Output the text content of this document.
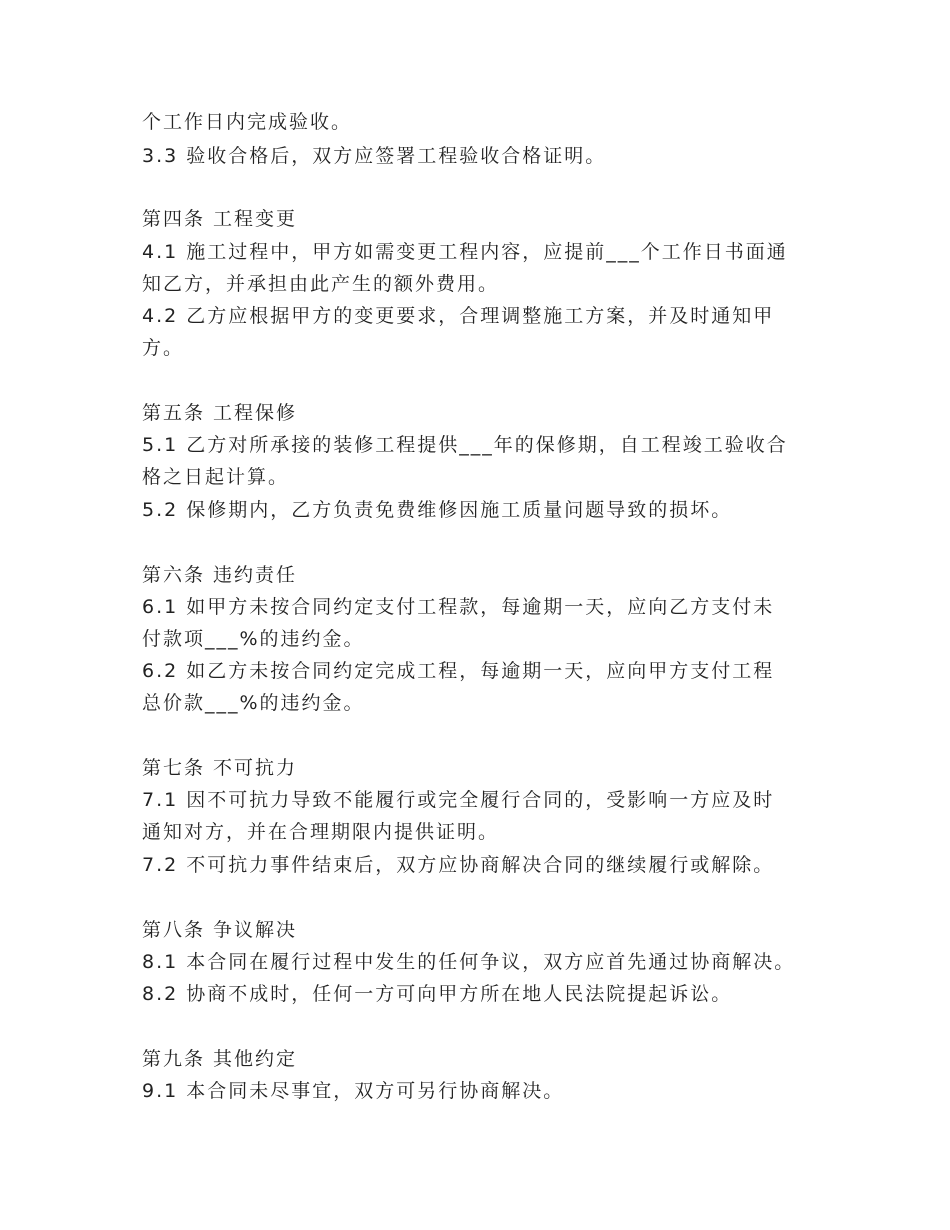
个工作日内完成验收。
3.3 验收合格后，双方应签署工程验收合格证明。
第四条 工程变更
4.1 施工过程中，甲方如需变更工程内容，应提前___个工作日书面通
知乙方，并承担由此产生的额外费用。
4.2 乙方应根据甲方的变更要求，合理调整施工方案，并及时通知甲
方。
第五条 工程保修
5.1 乙方对所承接的装修工程提供___年的保修期，自工程竣工验收合
格之日起计算。
5.2 保修期内，乙方负责免费维修因施工质量问题导致的损坏。
第六条 违约责任
6.1 如甲方未按合同约定支付工程款，每逾期一天，应向乙方支付未
付款项___%的违约金。
6.2 如乙方未按合同约定完成工程，每逾期一天，应向甲方支付工程
总价款___%的违约金。
第七条 不可抗力
7.1 因不可抗力导致不能履行或完全履行合同的，受影响一方应及时
通知对方，并在合理期限内提供证明。
7.2 不可抗力事件结束后，双方应协商解决合同的继续履行或解除。
第八条 争议解决
8.1 本合同在履行过程中发生的任何争议，双方应首先通过协商解决。
8.2 协商不成时，任何一方可向甲方所在地人民法院提起诉讼。
第九条 其他约定
9.1 本合同未尽事宜，双方可另行协商解决。
